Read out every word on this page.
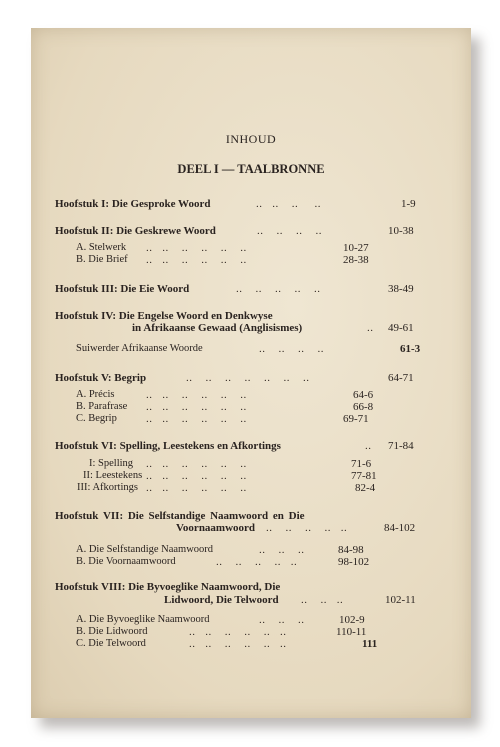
INHOUD
DEEL I — TAALBRONNE
Hoofstuk I: Die Gesproke Woord	..   ..    ..     ..	1-9
Hoofstuk II: Die Geskrewe Woord	..    ..    ..    ..	10-38
A. Stelwerk ..   ..    ..    ..    ..    ..	10-27
B. Die Brief ..   ..    ..    ..    ..    ..	28-38
Hoofstuk III: Die Eie Woord	..    ..    ..    ..    ..	38-49
Hoofstuk IV: Die Engelse Woord en Denkwyse
in Afrikaanse Gewaad (Anglisismes)	.. 49-61
Suiwerder Afrikaanse Woorde	..    ..    ..    ..	61-3
Hoofstuk V: Begrip	..    ..    ..    ..    ..    ..    ..	64-71
A. Précis	..   ..    ..    ..    ..    ..	64-6
B. Parafrase ..   ..    ..    ..    ..    ..	66-8
C. Begrip	..   ..    ..    ..    ..    ..	69-71
Hoofstuk VI: Spelling, Leestekens en Afkortings	.. 71-84
I: Spelling ..   ..    ..    ..    ..    ..	71-6
II: Leestekens ..   ..    ..    ..    ..    ..	77-81
III: Afkortings ..   ..    ..    ..    ..    ..	82-4
Hoofstuk VII: Die Selfstandige Naamwoord en Die
Voornaamwoord ..    ..    ..    ..   ..	84-102
A. Die Selfstandige Naamwoord	..    ..    ..	84-98
B. Die Voornaamwoord	..    ..    ..    ..   ..	98-102
Hoofstuk VIII: Die Byvoeglike Naamwoord, Die
Lidwoord, Die Telwoord ..    ..   ..	102-11
A. Die Byvoeglike Naamwoord	..    ..    ..	102-9
B. Die Lidwoord	..   ..    ..    ..    ..   ..	110-11
C. Die Telwoord	..   ..    ..    ..    ..   ..	111
